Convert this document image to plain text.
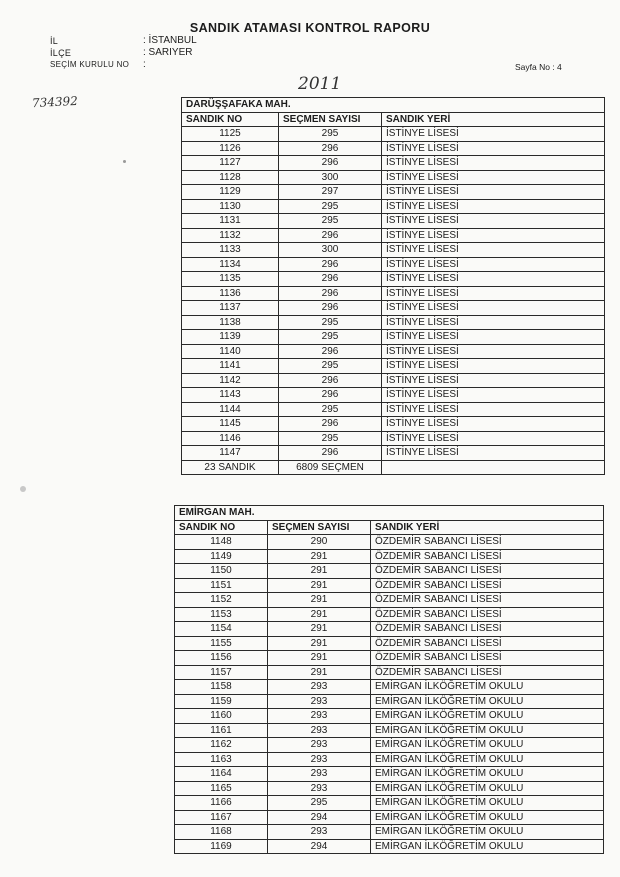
SANDIK ATAMASI KONTROL RAPORU
İL	: İSTANBUL
İLÇE	: SARIYER
SEÇİM KURULU NO :	Sayfa No : 4
2011
734392	DARÜŞŞAFAKA MAH.		
SANDIK NO	SEÇMEN SAYISI	SANDIK YERİ
1125	295	İSTİNYE LİSESİ
1126	296	İSTİNYE LİSESİ
1127	296	İSTİNYE LİSESİ
1128	300	İSTİNYE LİSESİ
1129	297	İSTİNYE LİSESİ
1130	295	İSTİNYE LİSESİ
1131	295	İSTİNYE LİSESİ
1132	296	İSTİNYE LİSESİ
1133	300	İSTİNYE LİSESİ
1134	296	İSTİNYE LİSESİ
1135	296	İSTİNYE LİSESİ
1136	296	İSTİNYE LİSESİ
1137	296	İSTİNYE LİSESİ
1138	295	İSTİNYE LİSESİ
1139	295	İSTİNYE LİSESİ
1140	296	İSTİNYE LİSESİ
1141	295	İSTİNYE LİSESİ
1142	296	İSTİNYE LİSESİ
1143	296	İSTİNYE LİSESİ
1144	295	İSTİNYE LİSESİ
1145	296	İSTİNYE LİSESİ
1146	295	İSTİNYE LİSESİ
1147	296	İSTİNYE LİSESİ
23 SANDIK	6809 SEÇMEN	
EMİRGAN MAH.		
SANDIK NO	SEÇMEN SAYISI	SANDIK YERİ
1148	290	ÖZDEMİR SABANCI LİSESİ
1149	291	ÖZDEMİR SABANCI LİSESİ
1150	291	ÖZDEMİR SABANCI LİSESİ
1151	291	ÖZDEMİR SABANCI LİSESİ
1152	291	ÖZDEMİR SABANCI LİSESİ
1153	291	ÖZDEMİR SABANCI LİSESİ
1154	291	ÖZDEMİR SABANCI LİSESİ
1155	291	ÖZDEMİR SABANCI LİSESİ
1156	291	ÖZDEMİR SABANCI LİSESİ
1157	291	ÖZDEMİR SABANCI LİSESİ
1158	293	EMİRGAN İLKÖĞRETİM OKULU
1159	293	EMİRGAN İLKÖĞRETİM OKULU
1160	293	EMİRGAN İLKÖĞRETİM OKULU
1161	293	EMİRGAN İLKÖĞRETİM OKULU
1162	293	EMİRGAN İLKÖĞRETİM OKULU
1163	293	EMİRGAN İLKÖĞRETİM OKULU
1164	293	EMİRGAN İLKÖĞRETİM OKULU
1165	293	EMİRGAN İLKÖĞRETİM OKULU
1166	295	EMİRGAN İLKÖĞRETİM OKULU
1167	294	EMİRGAN İLKÖĞRETİM OKULU
1168	293	EMİRGAN İLKÖĞRETİM OKULU
1169	294	EMİRGAN İLKÖĞRETİM OKULU
